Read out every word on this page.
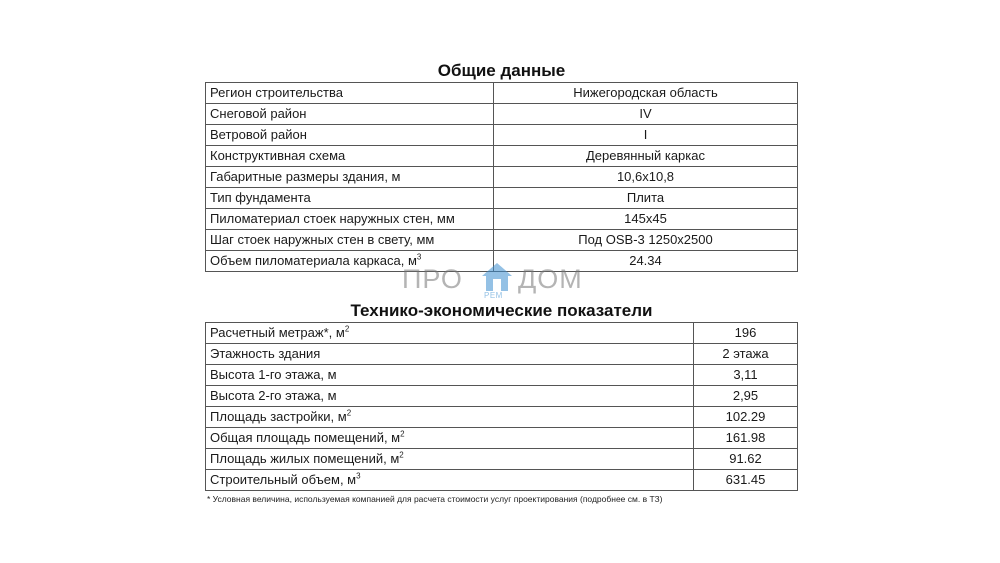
Общие данные
Регион строительства	Нижегородская область
Снеговой район	IV
Ветровой район	I
Конструктивная схема	Деревянный каркас
Габаритные размеры здания, м	10,6х10,8
Тип фундамента	Плита
Пиломатериал стоек наружных стен, мм	145х45
Шаг стоек наружных стен в свету, мм	Под OSB-3 1250х2500
Объем пиломатериала каркаса, $м^3$	24.34
ПРО
РЕМ
ДОМ
Технико-экономические показатели
Расчетный метраж*, $м^2$	196
Этажность здания	2 этажа
Высота 1-го этажа, м	3,11
Высота 2-го этажа, м	2,95
Площадь застройки, $м^2$	102.29
Общая площадь помещений, $м^2$	161.98
Площадь жилых помещений, $м^2$	91.62
Строительный объем, $м^3$	631.45
* Условная величина, используемая компанией для расчета стоимости услуг проектирования (подробнее см. в ТЗ)
